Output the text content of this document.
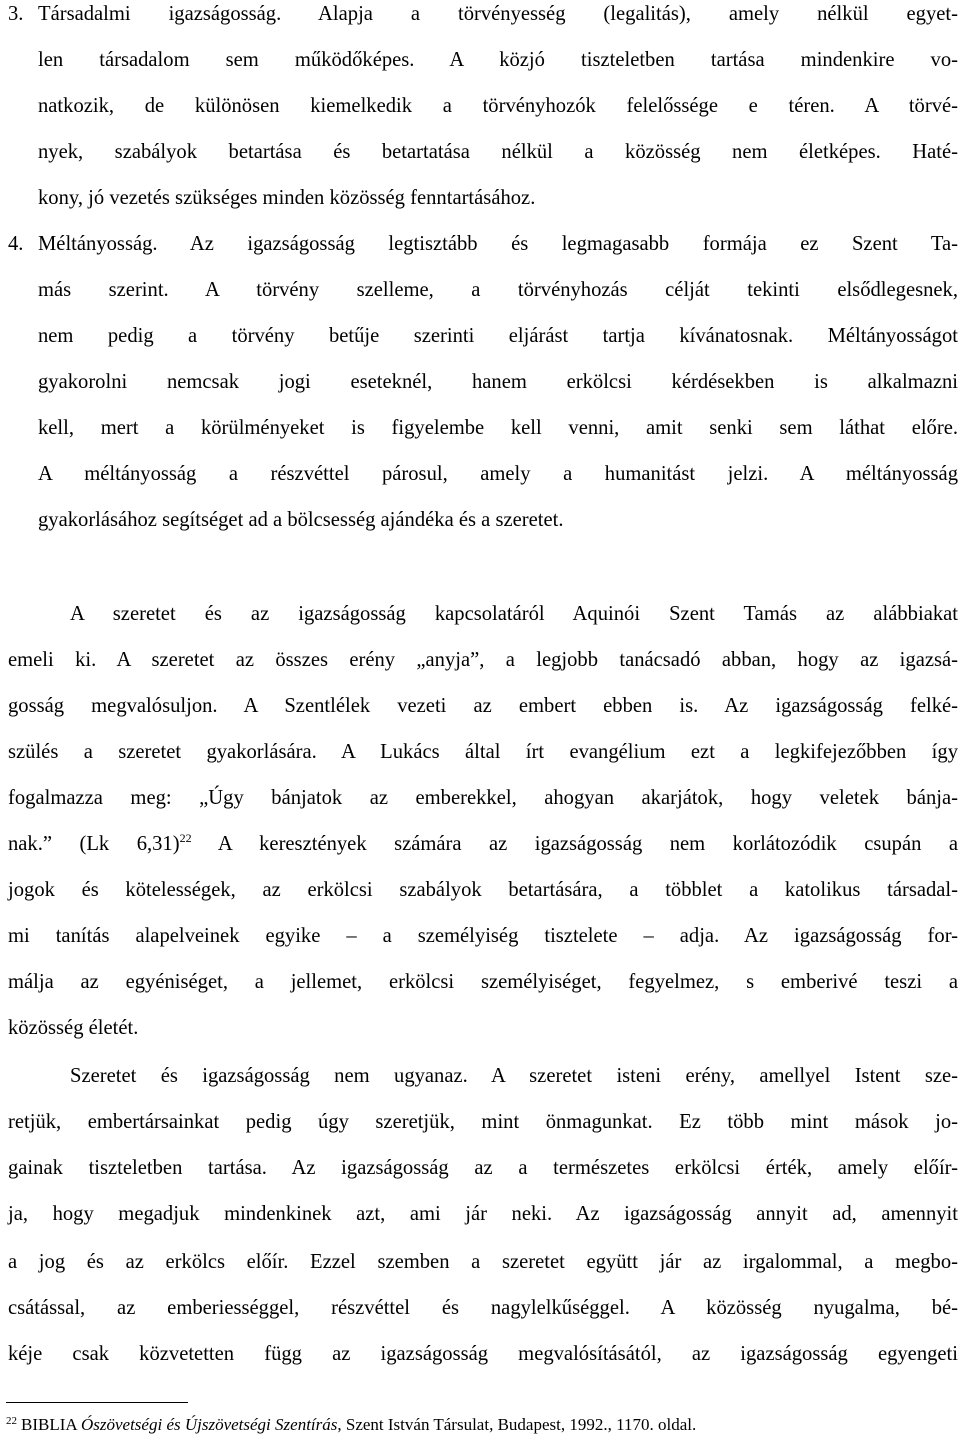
3. Társadalmi igazságosság. Alapja a törvényesség (legalitás), amely nélkül egyet-
len társadalom sem működőképes. A közjó tiszteletben tartása mindenkire vo-
natkozik, de különösen kiemelkedik a törvényhozók felelőssége e téren. A törvé-
nyek, szabályok betartása és betartatása nélkül a közösség nem életképes. Haté-
kony, jó vezetés szükséges minden közösség fenntartásához.
4. Méltányosság. Az igazságosság legtisztább és legmagasabb formája ez Szent Ta-
más szerint. A törvény szelleme, a törvényhozás célját tekinti elsődlegesnek,
nem pedig a törvény betűje szerinti eljárást tartja kívánatosnak. Méltányosságot
gyakorolni nemcsak jogi eseteknél, hanem erkölcsi kérdésekben is alkalmazni
kell, mert a körülményeket is figyelembe kell venni, amit senki sem láthat előre.
A méltányosság a részvéttel párosul, amely a humanitást jelzi. A méltányosság
gyakorlásához segítséget ad a bölcsesség ajándéka és a szeretet.
A szeretet és az igazságosság kapcsolatáról Aquinói Szent Tamás az alábbiakat
emeli ki. A szeretet az összes erény „anyja”, a legjobb tanácsadó abban, hogy az igazsá-
gosság megvalósuljon. A Szentlélek vezeti az embert ebben is. Az igazságosság felké-
szülés a szeretet gyakorlására. A Lukács által írt evangélium ezt a legkifejezőbben így
fogalmazza meg: „Úgy bánjatok az emberekkel, ahogyan akarjátok, hogy veletek bánja-
nak.” (Lk 6,31)$^{22}$ A keresztények számára az igazságosság nem korlátozódik csupán a
jogok és kötelességek, az erkölcsi szabályok betartására, a többlet a katolikus társadal-
mi tanítás alapelveinek egyike – a személyiség tisztelete – adja. Az igazságosság for-
málja az egyéniséget, a jellemet, erkölcsi személyiséget, fegyelmez, s emberivé teszi a
közösség életét.
Szeretet és igazságosság nem ugyanaz. A szeretet isteni erény, amellyel Istent sze-
retjük, embertársainkat pedig úgy szeretjük, mint önmagunkat. Ez több mint mások jo-
gainak tiszteletben tartása. Az igazságosság az a természetes erkölcsi érték, amely előír-
ja, hogy megadjuk mindenkinek azt, ami jár neki. Az igazságosság annyit ad, amennyit
a jog és az erkölcs előír. Ezzel szemben a szeretet együtt jár az irgalommal, a megbo-
csátással, az emberiességgel, részvéttel és nagylelkűséggel. A közösség nyugalma, bé-
kéje csak közvetetten függ az igazságosság megvalósításától, az igazságosság egyengeti
$^{22}$ BIBLIA Ószövetségi és Újszövetségi Szentírás, Szent István Társulat, Budapest, 1992., 1170. oldal.
